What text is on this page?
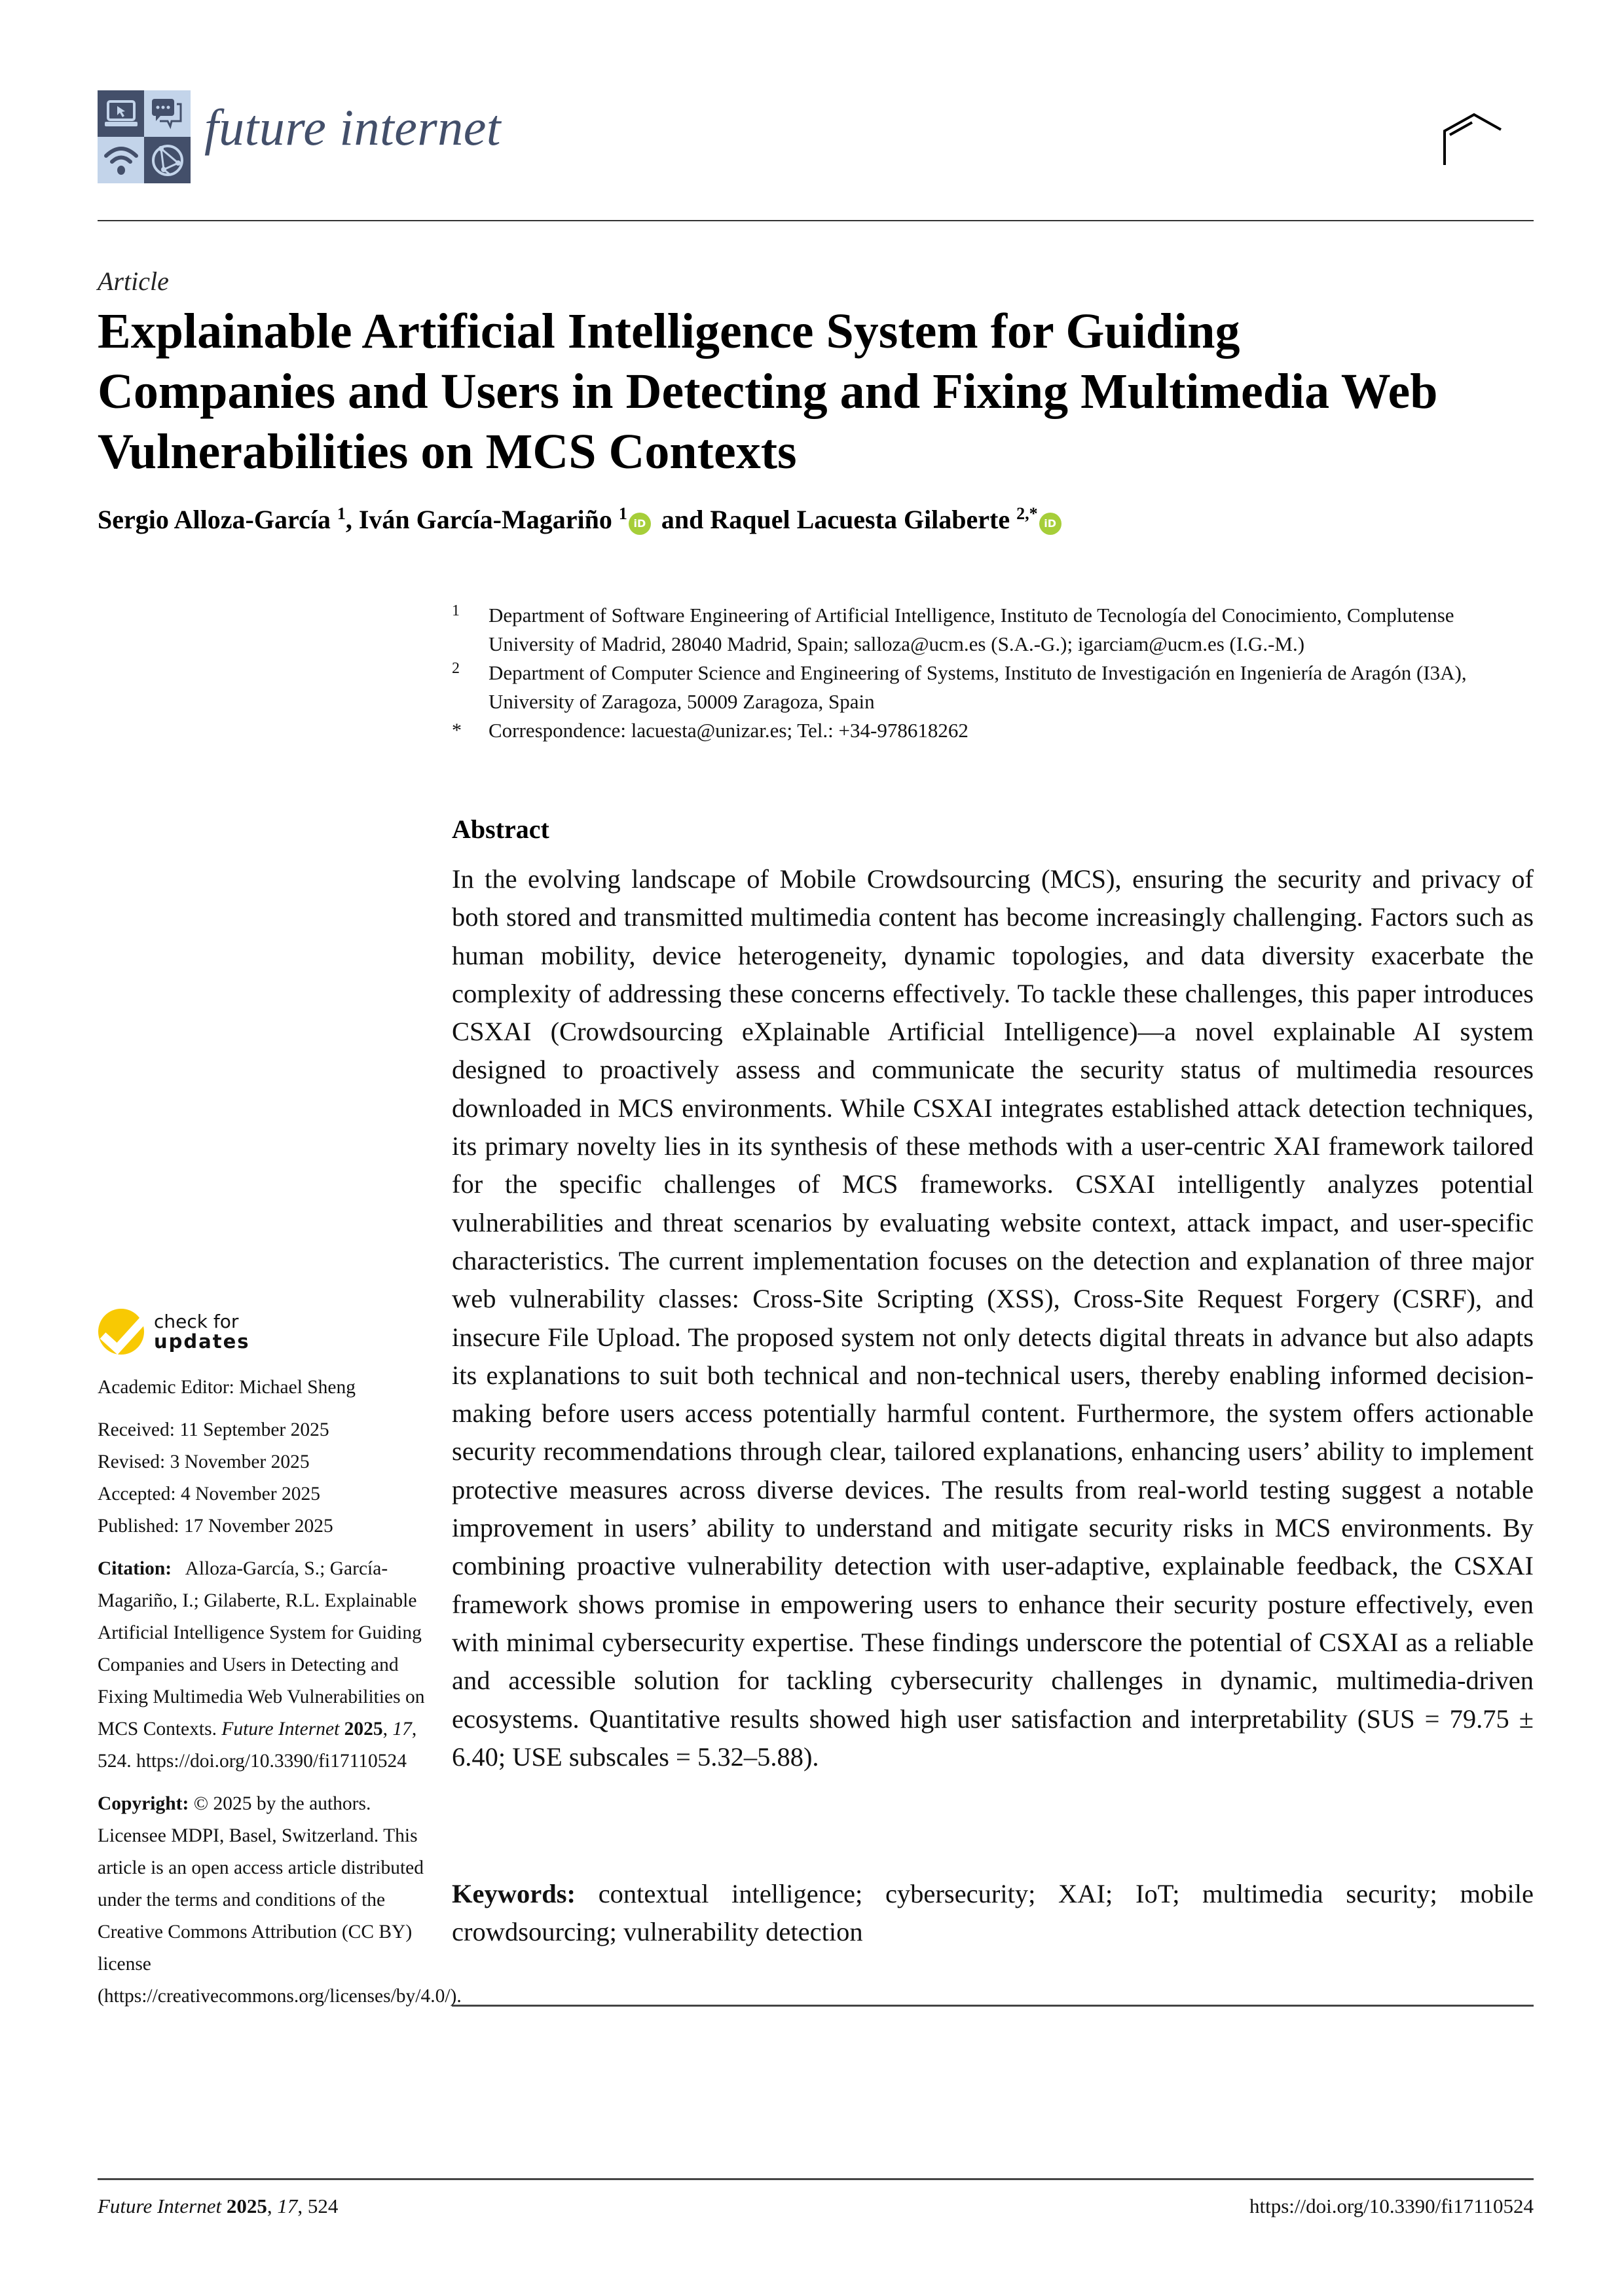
future internet
Article
Explainable Artificial Intelligence System for Guiding
Companies and Users in Detecting and Fixing Multimedia Web
Vulnerabilities on MCS Contexts
Sergio Alloza-García $^1$, Iván García-Magariño $^1$iD and Raquel Lacuesta Gilaberte $^{2,*}$iD
1	Department of Software Engineering of Artificial Intelligence, Instituto de Tecnología del Conocimiento, Complutense University of Madrid, 28040 Madrid, Spain; salloza@ucm.es (S.A.-G.); igarciam@ucm.es (I.G.-M.)
2	Department of Computer Science and Engineering of Systems, Instituto de Investigación en Ingeniería de Aragón (I3A), University of Zaragoza, 50009 Zaragoza, Spain
*	Correspondence: lacuesta@unizar.es; Tel.: +34-978618262
Abstract
In the evolving landscape of Mobile Crowdsourcing (MCS), ensuring the security and privacy of both stored and transmitted multimedia content has become increasingly challenging. Factors such as human mobility, device heterogeneity, dynamic topologies, and data diversity exacerbate the complexity of addressing these concerns effectively. To tackle these challenges, this paper introduces CSXAI (Crowdsourcing eXplainable Artificial Intelligence)—a novel explainable AI system designed to proactively assess and communicate the security status of multimedia resources downloaded in MCS environments. While CSXAI integrates established attack detection techniques, its primary novelty lies in its synthesis of these methods with a user-centric XAI framework tailored for the specific challenges of MCS frameworks. CSXAI intelligently analyzes potential vulnerabilities and threat scenarios by evaluating website context, attack impact, and user-specific characteristics. The current implementation focuses on the detection and explanation of three major web vulnerability classes: Cross-Site Scripting (XSS), Cross-Site Request Forgery (CSRF), and insecure File Upload. The proposed system not only detects digital threats in advance but also adapts its explanations to suit both technical and non-technical users, thereby enabling informed decision-making before users access potentially harmful content. Furthermore, the system offers actionable security recommendations through clear, tailored explanations, enhancing users’ ability to implement protective measures across diverse devices. The results from real-world testing suggest a notable improvement in users’ ability to understand and mitigate security risks in MCS environments. By combining proactive vulnerability detection with user-adaptive, explainable feedback, the CSXAI framework shows promise in empowering users to enhance their security posture effectively, even with minimal cybersecurity expertise. These findings underscore the potential of CSXAI as a reliable and accessible solution for tackling cybersecurity challenges in dynamic, multimedia-driven ecosystems. Quantitative results showed high user satisfaction and interpretability (SUS = 79.75 ± 6.40; USE subscales = 5.32–5.88).
Keywords: contextual intelligence; cybersecurity; XAI; IoT; multimedia security; mobile crowdsourcing; vulnerability detection
check for
updates
Academic Editor: Michael Sheng
Received: 11 September 2025
Revised: 3 November 2025
Accepted: 4 November 2025
Published: 17 November 2025
Citation: Alloza-García, S.; García-Magariño, I.; Gilaberte, R.L. Explainable Artificial Intelligence System for Guiding Companies and Users in Detecting and Fixing Multimedia Web Vulnerabilities on MCS Contexts. Future Internet 2025, 17, 524. https://doi.org/10.3390/fi17110524
Copyright: © 2025 by the authors. Licensee MDPI, Basel, Switzerland. This article is an open access article distributed under the terms and conditions of the Creative Commons Attribution (CC BY) license (https://creativecommons.org/licenses/by/4.0/).
Future Internet 2025, 17, 524	https://doi.org/10.3390/fi17110524
